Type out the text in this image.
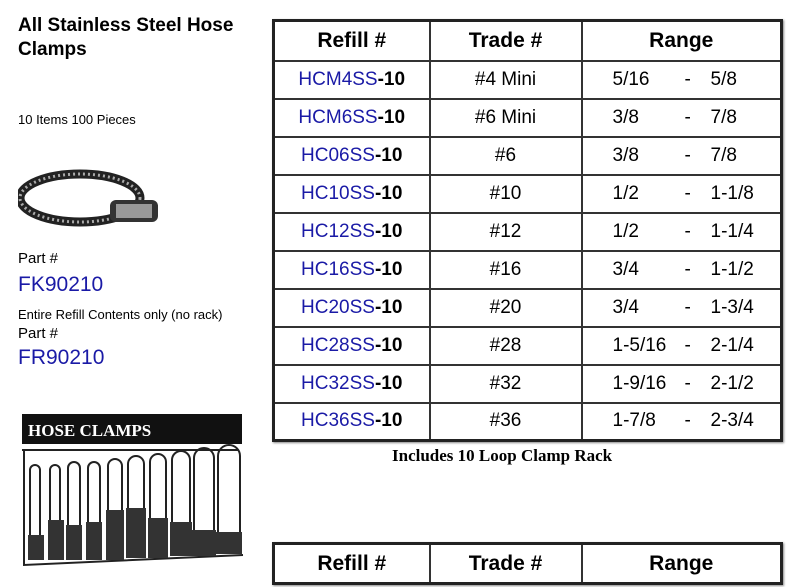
All Stainless Steel Hose Clamps
10 Items 100 Pieces
Part #
FK90210
Entire Refill Contents only (no rack)
Part #
FR90210
HOSE CLAMPS
Refill #	Trade #	Range
HCM4SS-10	#4 Mini	5/16 - 5/8

HCM6SS-10	#6 Mini	3/8 - 7/8

HC06SS-10	#6	3/8 - 7/8

HC10SS-10	#10	1/2 - 1-1/8

HC12SS-10	#12	1/2 - 1-1/4

HC16SS-10	#16	3/4 - 1-1/2

HC20SS-10	#20	3/4 - 1-3/4

HC28SS-10	#28	1-5/16 - 2-1/4

HC32SS-10	#32	1-9/16 - 2-1/2

HC36SS-10	#36	1-7/8 - 2-3/4
Includes 10 Loop Clamp Rack
Refill #	Trade #	Range
